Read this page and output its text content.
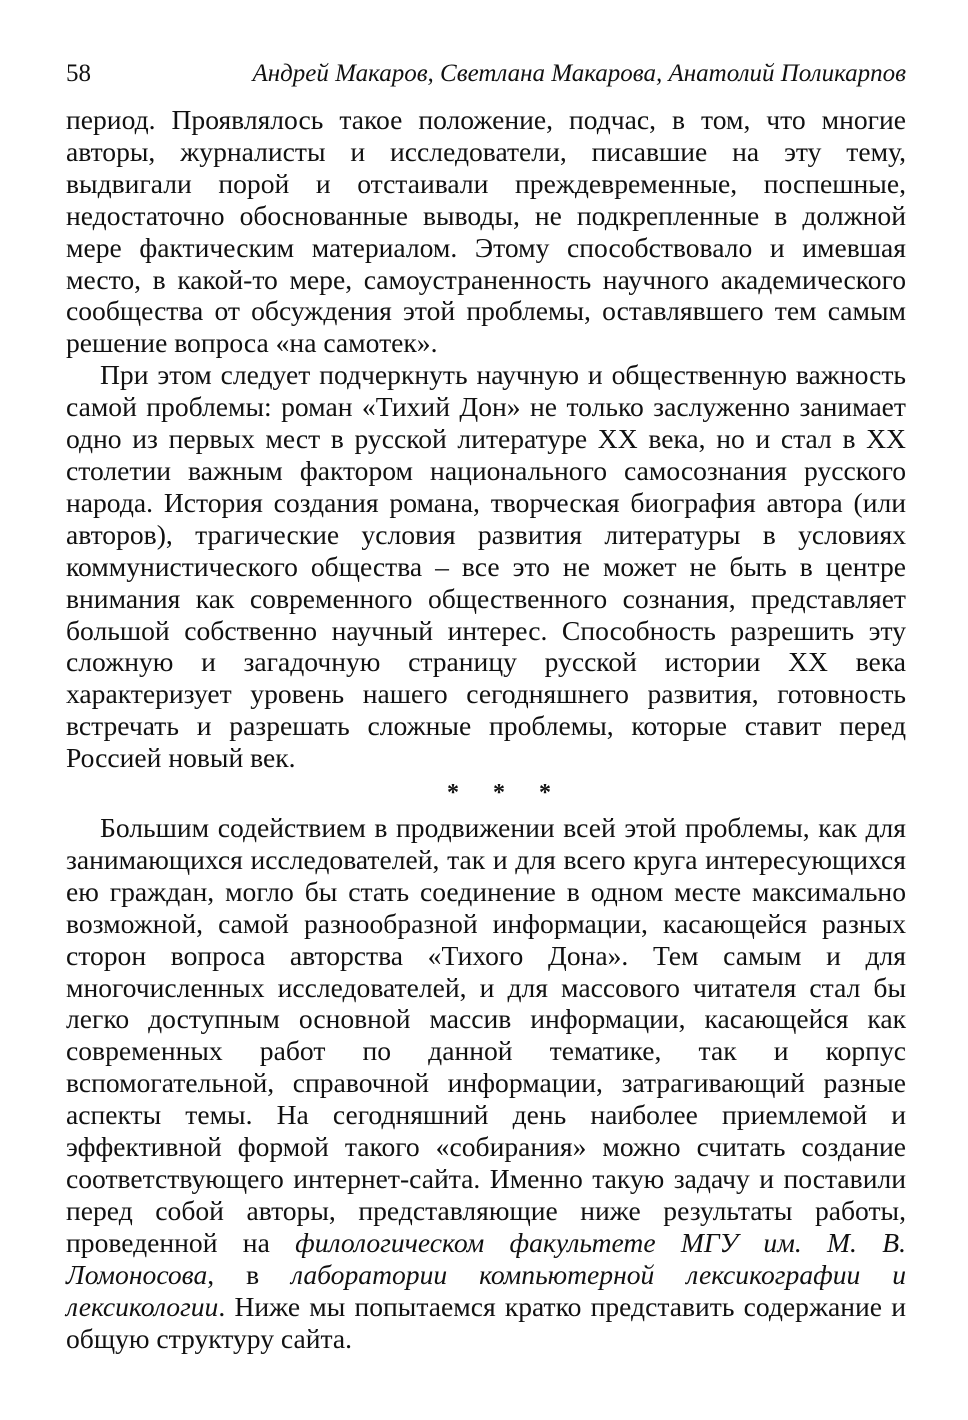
58	Андрей Макаров, Светлана Макарова, Анатолий Поликарпов

период. Проявлялось такое положение, подчас, в том, что многие авторы, журналисты и исследователи, писавшие на эту тему, выдвигали порой и отстаивали преждевременные, поспешные, недостаточно обоснованные выводы, не подкрепленные в должной мере фактическим материалом. Этому способствовало и имевшая место, в какой-то мере, самоустраненность научного академического сообщества от обсуждения этой проблемы, оставлявшего тем самым решение вопроса «на самотек».

При этом следует подчеркнуть научную и общественную важность самой проблемы: роман «Тихий Дон» не только заслуженно занимает одно из первых мест в русской литературе XX века, но и стал в XX столетии важным фактором национального самосознания русского народа. История создания романа, творческая биография автора (или авторов), трагические условия развития литературы в условиях коммунистического общества – все это не может не быть в центре внимания как современного общественного сознания, представляет большой собственно научный интерес. Способность разрешить эту сложную и загадочную страницу русской истории XX века характеризует уровень нашего сегодняшнего развития, готовность встречать и разрешать сложные проблемы, которые ставит перед Россией новый век.

* * *

Большим содействием в продвижении всей этой проблемы, как для занимающихся исследователей, так и для всего круга интересующихся ею граждан, могло бы стать соединение в одном месте максимально возможной, самой разнообразной информации, касающейся разных сторон вопроса авторства «Тихого Дона». Тем самым и для многочисленных исследователей, и для массового читателя стал бы легко доступным основной массив информации, касающейся как современных работ по данной тематике, так и корпус вспомогательной, справочной информации, затрагивающий разные аспекты темы. На сегодняшний день наиболее приемлемой и эффективной формой такого «собирания» можно считать создание соответствующего интернет-сайта. Именно такую задачу и поставили перед собой авторы, представляющие ниже результаты работы, проведенной на филологическом факультете МГУ им. М. В. Ломоносова, в лаборатории компьютерной лексикографии и лексикологии. Ниже мы попытаемся кратко представить содержание и общую структуру сайта.
